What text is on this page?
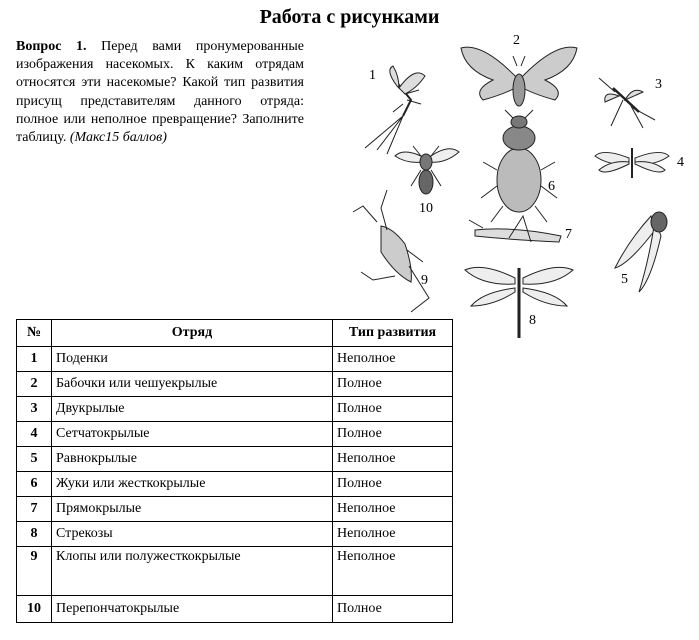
Работа с рисунками
Вопрос 1. Перед вами пронумерованные изображения насекомых. К каким отрядам относятся эти насекомые? Какой тип развития присущ представителям данного отряда: полное или неполное превращение? Заполните таблицу. (Макс15 баллов)
1
2
3
4
5
6
7
8
9
10
№	Отряд	Тип развития
1	Поденки	Неполное
2	Бабочки или чешуекрылые	Полное
3	Двукрылые	Полное
4	Сетчатокрылые	Полное
5	Равнокрылые	Неполное
6	Жуки или жесткокрылые	Полное
7	Прямокрылые	Неполное
8	Стрекозы	Неполное
9	Клопы или полужесткокрылые	Неполное
10	Перепончатокрылые	Полное
